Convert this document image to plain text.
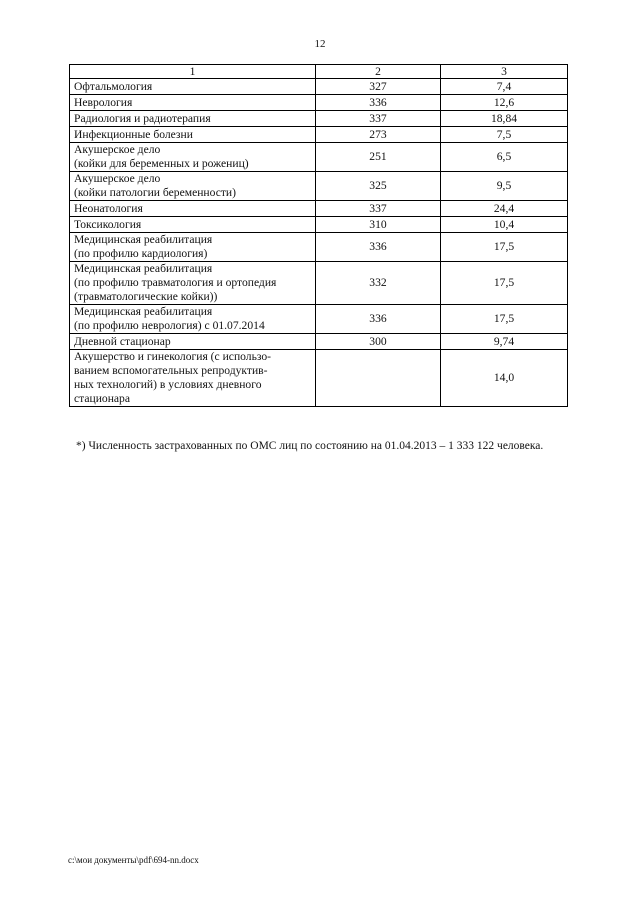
12
1	2	3

Офтальмология	327	7,4

Неврология	336	12,6

Радиология и радиотерапия	337	18,84

Инфекционные болезни	273	7,5

Акушерское дело
(койки для беременных и рожениц)	251	6,5

Акушерское дело
(койки патологии беременности)	325	9,5

Неонатология	337	24,4

Токсикология	310	10,4

Медицинская реабилитация
(по профилю кардиология)	336	17,5

Медицинская реабилитация
(по профилю травматология и ортопедия
(травматологические койки))	332	17,5

Медицинская реабилитация
(по профилю неврология) с 01.07.2014	336	17,5

Дневной стационар	300	9,74

Акушерство и гинекология (с использо-
ванием вспомогательных репродуктив-
ных технологий) в условиях дневного
стационара		14,0
*) Численность застрахованных по ОМС лиц по состоянию на 01.04.2013 – 1 333 122 человека.
c:\мои документы\pdf\694-nn.docx
